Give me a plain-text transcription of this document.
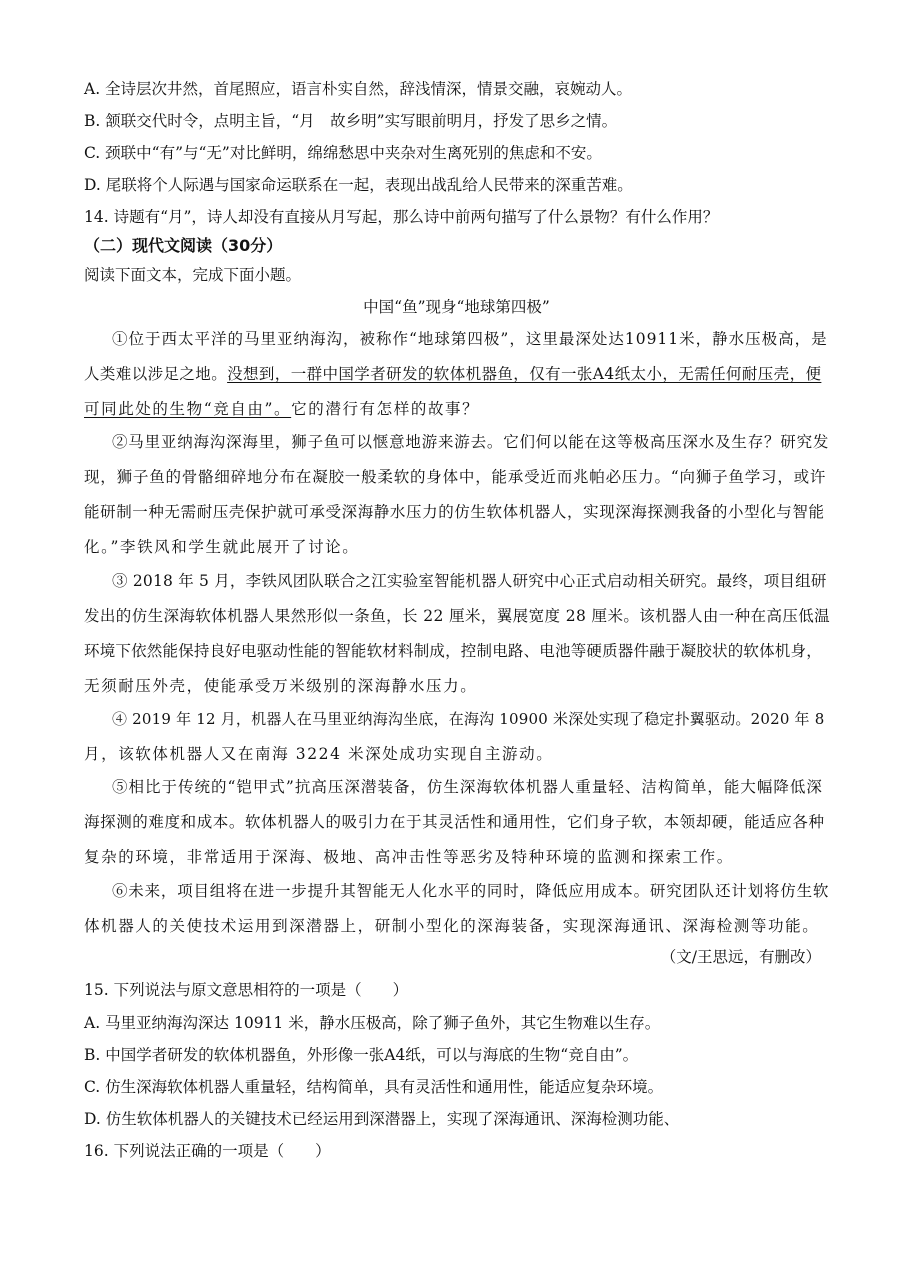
A. 全诗层次井然，首尾照应，语言朴实自然，辞浅情深，情景交融，哀婉动人。
B. 颔联交代时令，点明主旨，“月　故乡明”实写眼前明月，抒发了思乡之情。
C. 颈联中“有”与“无”对比鲜明，绵绵愁思中夹杂对生离死别的焦虑和不安。
D. 尾联将个人际遇与国家命运联系在一起，表现出战乱给人民带来的深重苦难。
14. 诗题有“月”，诗人却没有直接从月写起，那么诗中前两句描写了什么景物？有什么作用？
（二）现代文阅读（30分）
阅读下面文本，完成下面小题。
中国“鱼”现身“地球第四极”
①位于西太平洋的马里亚纳海沟，被称作“地球第四极”，这里最深处达10911米，静水压极高，是
人类难以涉足之地。没想到，一群中国学者研发的软体机器鱼，仅有一张A4纸太小，无需任何耐压壳，便
可同此处的生物“竞自由”。它的潜行有怎样的故事？
②马里亚纳海沟深海里，狮子鱼可以惬意地游来游去。它们何以能在这等极高压深水及生存？研究发
现，狮子鱼的骨骼细碎地分布在凝胶一般柔软的身体中，能承受近而兆帕必压力。“向狮子鱼学习，或许
能研制一种无需耐压壳保护就可承受深海静水压力的仿生软体机器人，实现深海探测我备的小型化与智能
化。”李铁风和学生就此展开了讨论。
③ 2018 年 5 月，李铁风团队联合之江实验室智能机器人研究中心正式启动相关研究。最终，项目组研
发出的仿生深海软体机器人果然形似一条鱼，长 22 厘米，翼展宽度 28 厘米。该机器人由一种在高压低温
环境下依然能保持良好电驱动性能的智能软材料制成，控制电路、电池等硬质器件融于凝胶状的软体机身，
无须耐压外壳，使能承受万米级别的深海静水压力。
④ 2019 年 12 月，机器人在马里亚纳海沟坐底，在海沟 10900 米深处实现了稳定扑翼驱动。2020 年 8
月，该软体机器人又在南海 3224 米深处成功实现自主游动。
⑤相比于传统的“铠甲式”抗高压深潜装备，仿生深海软体机器人重量轻、洁构简单，能大幅降低深
海探测的难度和成本。软体机器人的吸引力在于其灵活性和通用性，它们身子软，本领却硬，能适应各种
复杂的环境，非常适用于深海、极地、高冲击性等恶劣及特种环境的监测和探索工作。
⑥未来，项目组将在进一步提升其智能无人化水平的同时，降低应用成本。研究团队还计划将仿生软
体机器人的关使技术运用到深潜器上，研制小型化的深海装备，实现深海通讯、深海检测等功能。
（文/王思远，有删改）
15. 下列说法与原文意思相符的一项是（　　）
A. 马里亚纳海沟深达 10911 米，静水压极高，除了狮子鱼外，其它生物难以生存。
B. 中国学者研发的软体机器鱼，外形像一张A4纸，可以与海底的生物“竞自由”。
C. 仿生深海软体机器人重量轻，结构简单，具有灵活性和通用性，能适应复杂环境。
D. 仿生软体机器人的关键技术已经运用到深潜器上，实现了深海通讯、深海检测功能、
16. 下列说法正确的一项是（　　）
